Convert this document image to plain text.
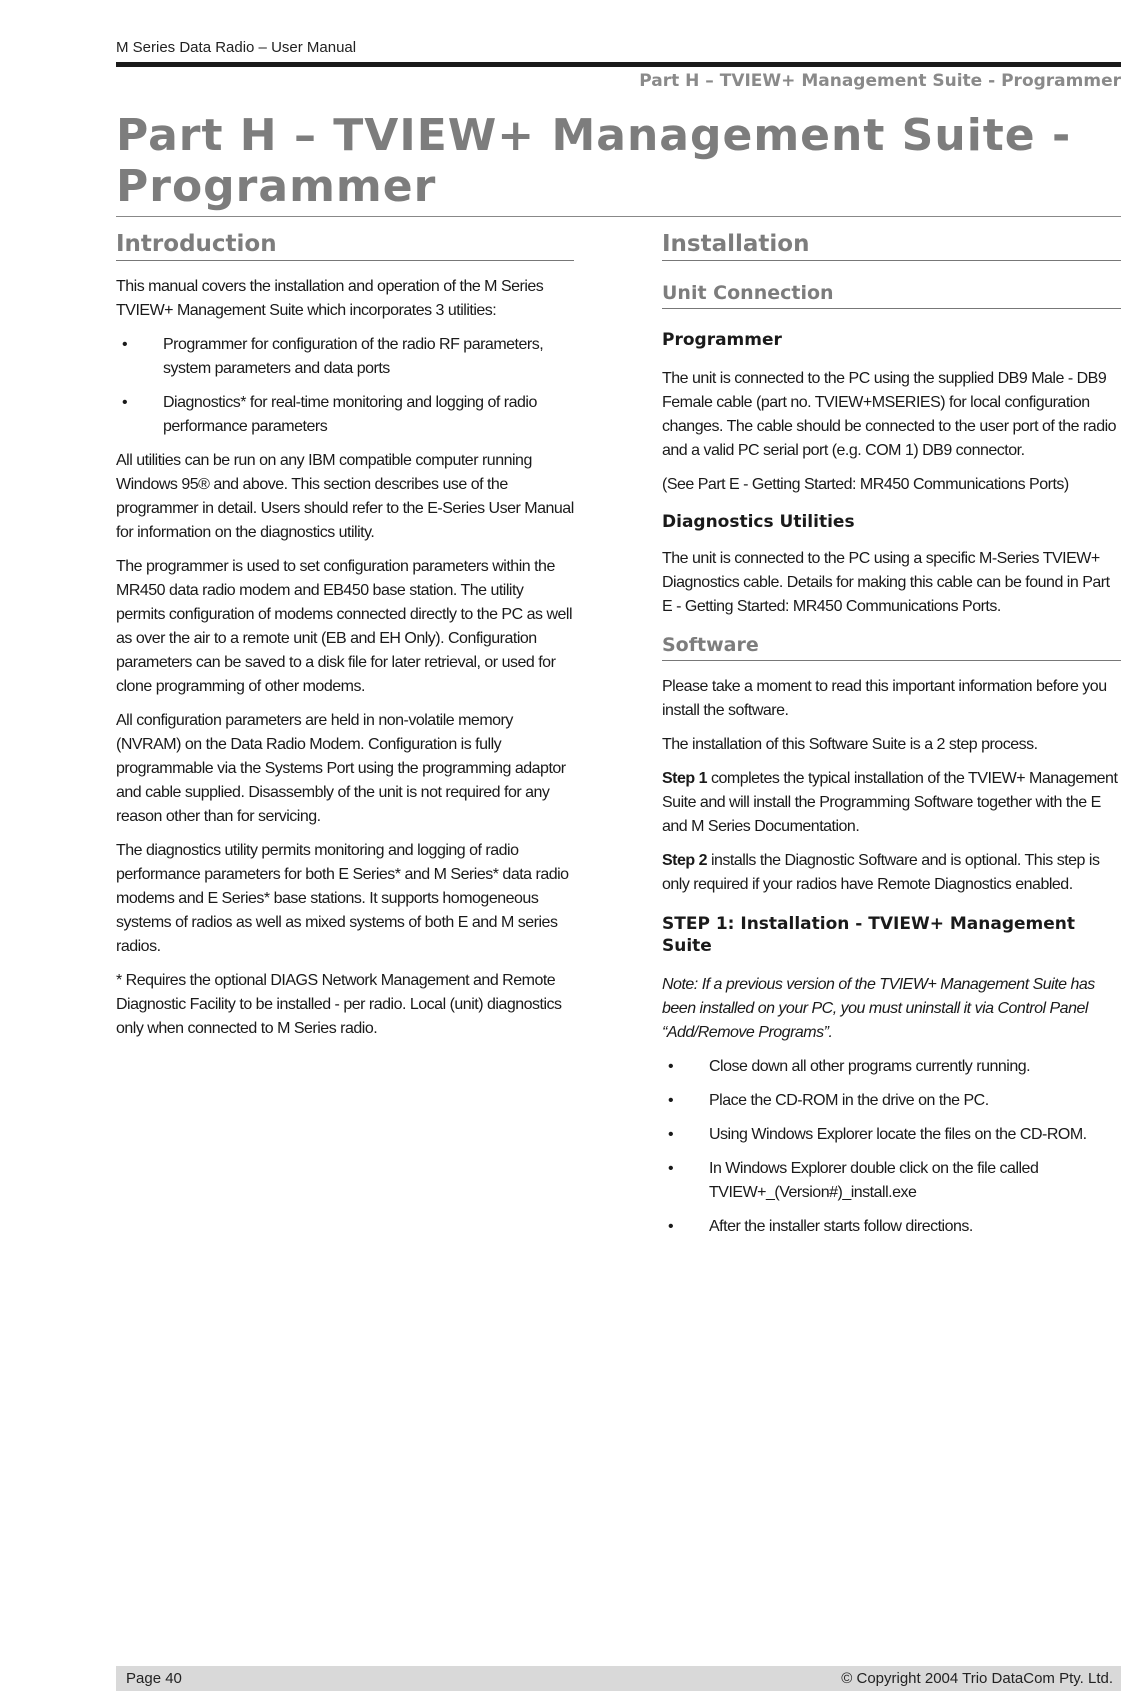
M Series Data Radio – User Manual
Part H – TVIEW+ Management Suite - Programmer
Part H – TVIEW+ Management Suite -
Programmer
Introduction

This manual covers the installation and operation of the M Series TVIEW+ Management Suite which incorporates 3 utilities:

• Programmer for configuration of the radio RF parameters, system parameters and data ports
• Diagnostics* for real-time monitoring and logging of radio performance parameters

All utilities can be run on any IBM compatible computer running Windows 95® and above. This section describes use of the programmer in detail. Users should refer to the E-Series User Manual for information on the diagnostics utility.

The programmer is used to set configuration parameters within the MR450 data radio modem and EB450 base station. The utility permits configuration of modems connected directly to the PC as well as over the air to a remote unit (EB and EH Only). Configuration parameters can be saved to a disk file for later retrieval, or used for clone programming of other modems.

All configuration parameters are held in non-volatile memory (NVRAM) on the Data Radio Modem. Configuration is fully programmable via the Systems Port using the programming adaptor and cable supplied. Disassembly of the unit is not required for any reason other than for servicing.

The diagnostics utility permits monitoring and logging of radio performance parameters for both E Series* and M Series* data radio modems and E Series* base stations. It supports homogeneous systems of radios as well as mixed systems of both E and M series radios.

* Requires the optional DIAGS Network Management and Remote Diagnostic Facility to be installed - per radio. Local (unit) diagnostics only when connected to M Series radio.

Installation
Unit Connection
Programmer

The unit is connected to the PC using the supplied DB9 Male - DB9 Female cable (part no. TVIEW+MSERIES) for local configuration changes. The cable should be connected to the user port of the radio and a valid PC serial port (e.g. COM 1) DB9 connector.

(See Part E - Getting Started: MR450 Communications Ports)

Diagnostics Utilities

The unit is connected to the PC using a specific M-Series TVIEW+ Diagnostics cable. Details for making this cable can be found in Part E - Getting Started: MR450 Communications Ports.

Software

Please take a moment to read this important information before you install the software.

The installation of this Software Suite is a 2 step process.

Step 1 completes the typical installation of the TVIEW+ Management Suite and will install the Programming Software together with the E and M Series Documentation.

Step 2 installs the Diagnostic Software and is optional. This step is only required if your radios have Remote Diagnostics enabled.

STEP 1: Installation - TVIEW+ Management Suite

Note: If a previous version of the TVIEW+ Management Suite has been installed on your PC, you must uninstall it via Control Panel “Add/Remove Programs”.

• Close down all other programs currently running.
• Place the CD-ROM in the drive on the PC.
• Using Windows Explorer locate the files on the CD-ROM.
• In Windows Explorer double click on the file called TVIEW+_(Version#)_install.exe
• After the installer starts follow directions.
Page 40	© Copyright 2004 Trio DataCom Pty. Ltd.
